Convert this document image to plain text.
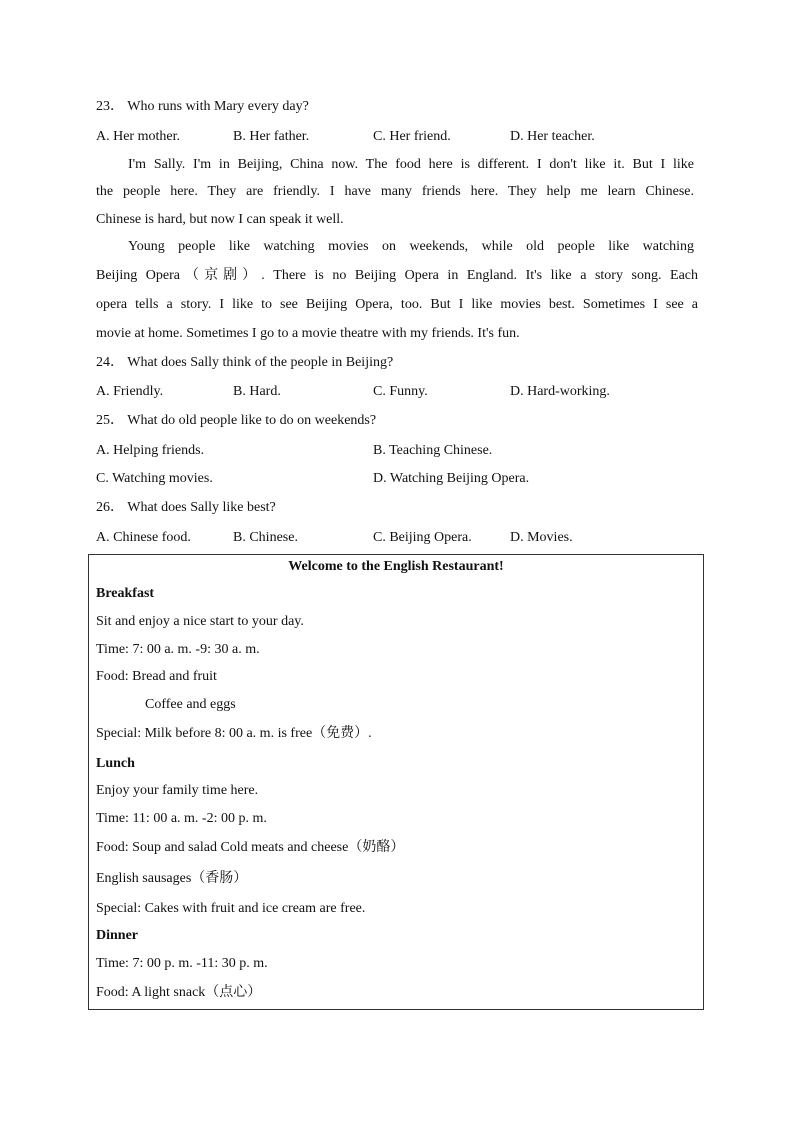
23． Who runs with Mary every day?
A. Her mother.	B. Her father.	C. Her friend.	D. Her teacher.
I'm Sally. I'm in Beijing, China now. The food here is different. I don't like it. But I like
the people here. They are friendly. I have many friends here. They help me learn Chinese.
Chinese is hard, but now I can speak it well.
Young people like watching movies on weekends, while old people like watching
Beijing Opera（京剧）. There is no Beijing Opera in England. It's like a story song. Each
opera tells a story. I like to see Beijing Opera, too. But I like movies best. Sometimes I see a
movie at home. Sometimes I go to a movie theatre with my friends. It's fun.
24． What does Sally think of the people in Beijing?
A. Friendly.	B. Hard.	C. Funny.	D. Hard-working.
25． What do old people like to do on weekends?
A. Helping friends.	B. Teaching Chinese.
C. Watching movies.	D. Watching Beijing Opera.
26． What does Sally like best?
A. Chinese food.	B. Chinese.	C. Beijing Opera.	D. Movies.
Welcome to the English Restaurant!
Breakfast
Sit and enjoy a nice start to your day.
Time: 7: 00 a. m. -9: 30 a. m.
Food: Bread and fruit
Coffee and eggs
Special: Milk before 8: 00 a. m. is free（免费）.
Lunch
Enjoy your family time here.
Time: 11: 00 a. m. -2: 00 p. m.
Food: Soup and salad Cold meats and cheese（奶酪）
English sausages（香肠）
Special: Cakes with fruit and ice cream are free.
Dinner
Time: 7: 00 p. m. -11: 30 p. m.
Food: A light snack（点心）
